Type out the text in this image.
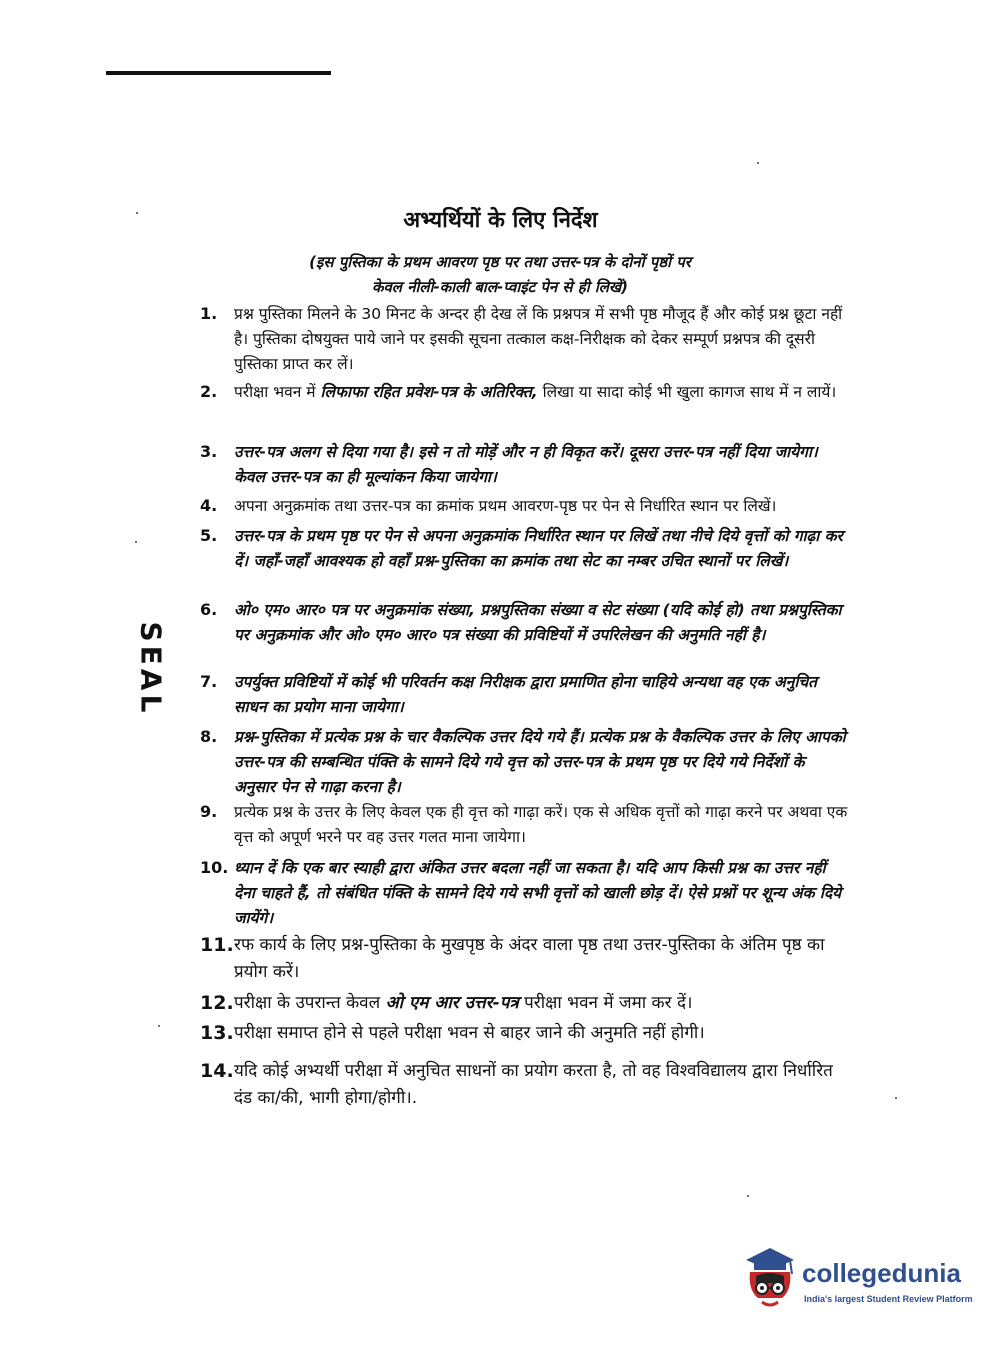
अभ्यर्थियों के लिए निर्देश
(इस पुस्तिका के प्रथम आवरण पृष्ठ पर तथा उत्तर-पत्र के दोनों पृष्ठों पर
केवल नीली-काली बाल-प्वाइंट पेन से ही लिखें)
SEAL
1.	प्रश्न पुस्तिका मिलने के 30 मिनट के अन्दर ही देख लें कि प्रश्नपत्र में सभी पृष्ठ मौजूद हैं और कोई प्रश्न छूटा नहीं है। पुस्तिका दोषयुक्त पाये जाने पर इसकी सूचना तत्काल कक्ष-निरीक्षक को देकर सम्पूर्ण प्रश्नपत्र की दूसरी पुस्तिका प्राप्त कर लें।
2.	परीक्षा भवन में लिफाफा रहित प्रवेश-पत्र के अतिरिक्त, लिखा या सादा कोई भी खुला कागज साथ में न लायें।
3.	उत्तर-पत्र अलग से दिया गया है। इसे न तो मोड़ें और न ही विकृत करें। दूसरा उत्तर-पत्र नहीं दिया जायेगा। केवल उत्तर-पत्र का ही मूल्यांकन किया जायेगा।
4.	अपना अनुक्रमांक तथा उत्तर-पत्र का क्रमांक प्रथम आवरण-पृष्ठ पर पेन से निर्धारित स्थान पर लिखें।
5.	उत्तर-पत्र के प्रथम पृष्ठ पर पेन से अपना अनुक्रमांक निर्धारित स्थान पर लिखें तथा नीचे दिये वृत्तों को गाढ़ा कर दें। जहाँ-जहाँ आवश्यक हो वहाँ प्रश्न-पुस्तिका का क्रमांक तथा सेट का नम्बर उचित स्थानों पर लिखें।
6.	ओ० एम० आर० पत्र पर अनुक्रमांक संख्या, प्रश्नपुस्तिका संख्या व सेट संख्या (यदि कोई हो) तथा प्रश्नपुस्तिका पर अनुक्रमांक और ओ० एम० आर० पत्र संख्या की प्रविष्टियों में उपरिलेखन की अनुमति नहीं है।
7.	उपर्युक्त प्रविष्टियों में कोई भी परिवर्तन कक्ष निरीक्षक द्वारा प्रमाणित होना चाहिये अन्यथा वह एक अनुचित साधन का प्रयोग माना जायेगा।
8.	प्रश्न-पुस्तिका में प्रत्येक प्रश्न के चार वैकल्पिक उत्तर दिये गये हैं। प्रत्येक प्रश्न के वैकल्पिक उत्तर के लिए आपको उत्तर-पत्र की सम्बन्धित पंक्ति के सामने दिये गये वृत्त को उत्तर-पत्र के प्रथम पृष्ठ पर दिये गये निर्देशों के अनुसार पेन से गाढ़ा करना है।
9.	प्रत्येक प्रश्न के उत्तर के लिए केवल एक ही वृत्त को गाढ़ा करें। एक से अधिक वृत्तों को गाढ़ा करने पर अथवा एक वृत्त को अपूर्ण भरने पर वह उत्तर गलत माना जायेगा।
10. ध्यान दें कि एक बार स्याही द्वारा अंकित उत्तर बदला नहीं जा सकता है। यदि आप किसी प्रश्न का उत्तर नहीं देना चाहते हैं, तो संबंधित पंक्ति के सामने दिये गये सभी वृत्तों को खाली छोड़ दें। ऐसे प्रश्नों पर शून्य अंक दिये जायेंगे।
11. रफ कार्य के लिए प्रश्न-पुस्तिका के मुखपृष्ठ के अंदर वाला पृष्ठ तथा उत्तर-पुस्तिका के अंतिम पृष्ठ का प्रयोग करें।
12. परीक्षा के उपरान्त केवल ओ एम आर उत्तर-पत्र परीक्षा भवन में जमा कर दें।
13. परीक्षा समाप्त होने से पहले परीक्षा भवन से बाहर जाने की अनुमति नहीं होगी।
14. यदि कोई अभ्यर्थी परीक्षा में अनुचित साधनों का प्रयोग करता है, तो वह विश्वविद्यालय द्वारा निर्धारित दंड का/की, भागी होगा/होगी।.
collegedunia
India's largest Student Review Platform
